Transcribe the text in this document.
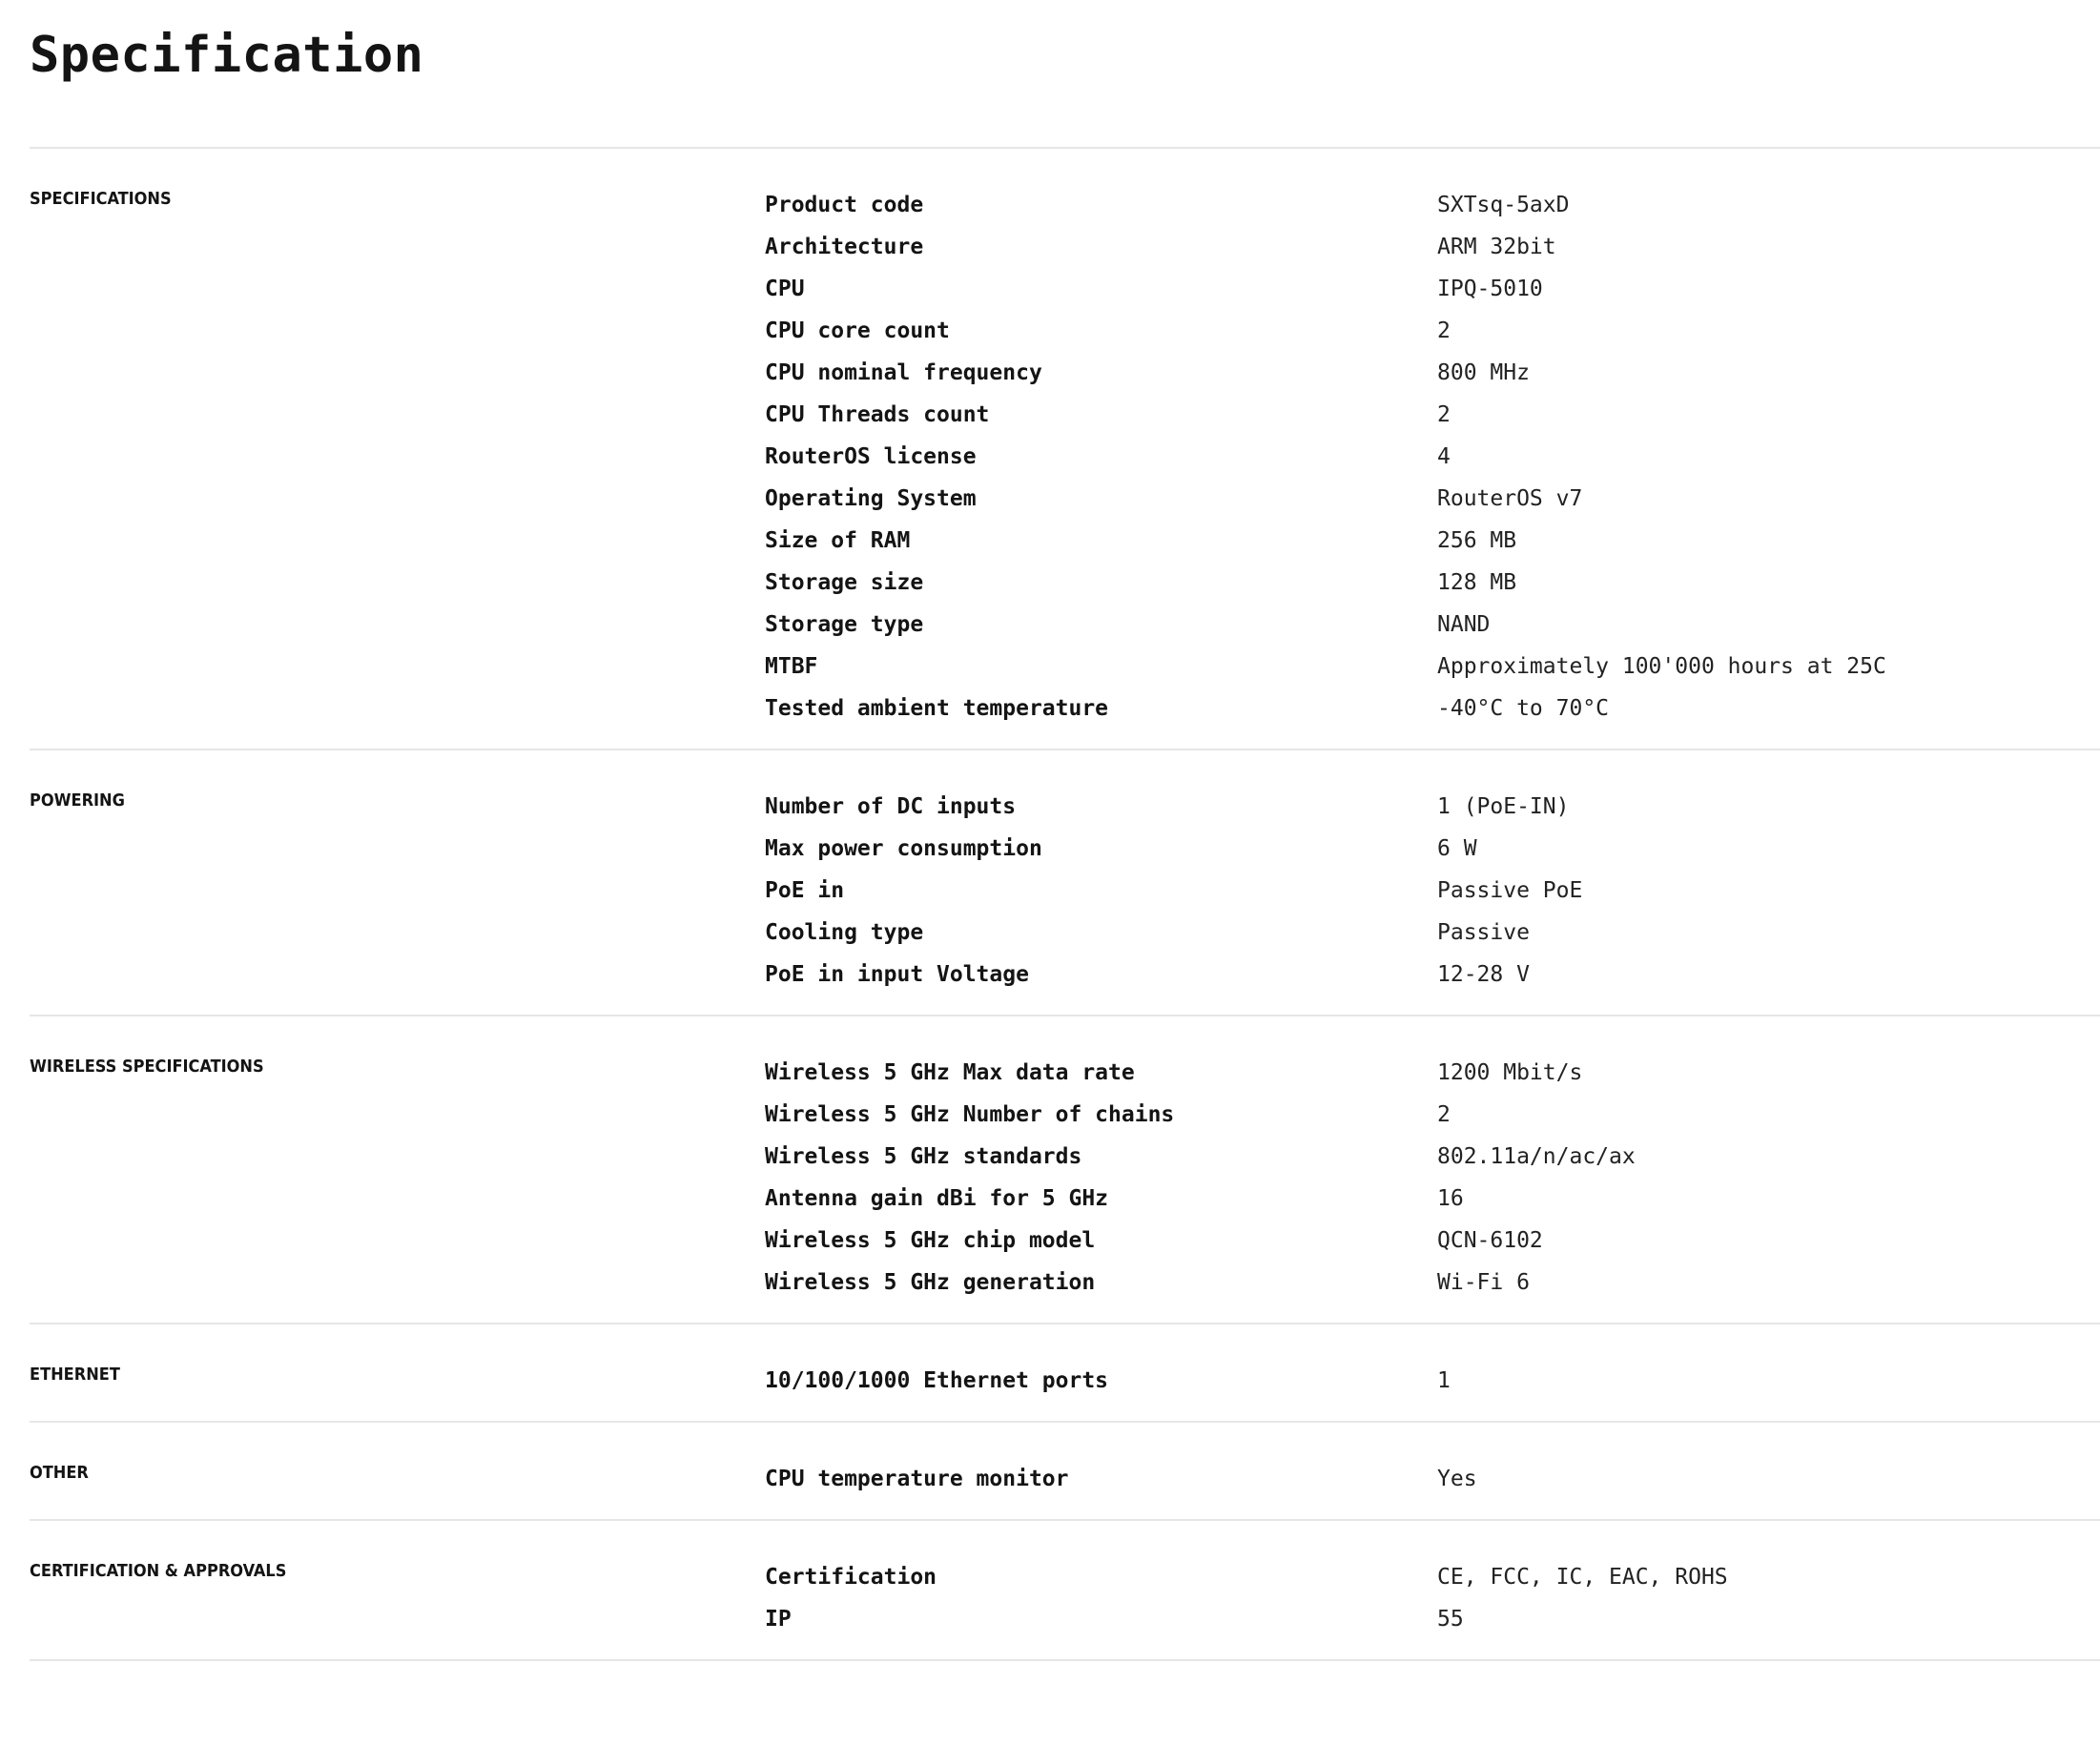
Specification
SPECIFICATIONS	Product code	SXTsq-5axD
Architecture	ARM 32bit
CPU	IPQ-5010
CPU core count	2
CPU nominal frequency	800 MHz
CPU Threads count	2
RouterOS license	4
Operating System	RouterOS v7
Size of RAM	256 MB
Storage size	128 MB
Storage type	NAND
MTBF	Approximately 100'000 hours at 25C
Tested ambient temperature	-40°C to 70°C
POWERING	Number of DC inputs	1 (PoE-IN)
Max power consumption	6 W
PoE in	Passive PoE
Cooling type	Passive
PoE in input Voltage	12-28 V
WIRELESS SPECIFICATIONS	Wireless 5 GHz Max data rate	1200 Mbit/s
Wireless 5 GHz Number of chains	2
Wireless 5 GHz standards	802.11a/n/ac/ax
Antenna gain dBi for 5 GHz	16
Wireless 5 GHz chip model	QCN-6102
Wireless 5 GHz generation	Wi-Fi 6
ETHERNET	10/100/1000 Ethernet ports	1
OTHER	CPU temperature monitor	Yes
CERTIFICATION & APPROVALS	Certification	CE, FCC, IC, EAC, ROHS
IP	55
